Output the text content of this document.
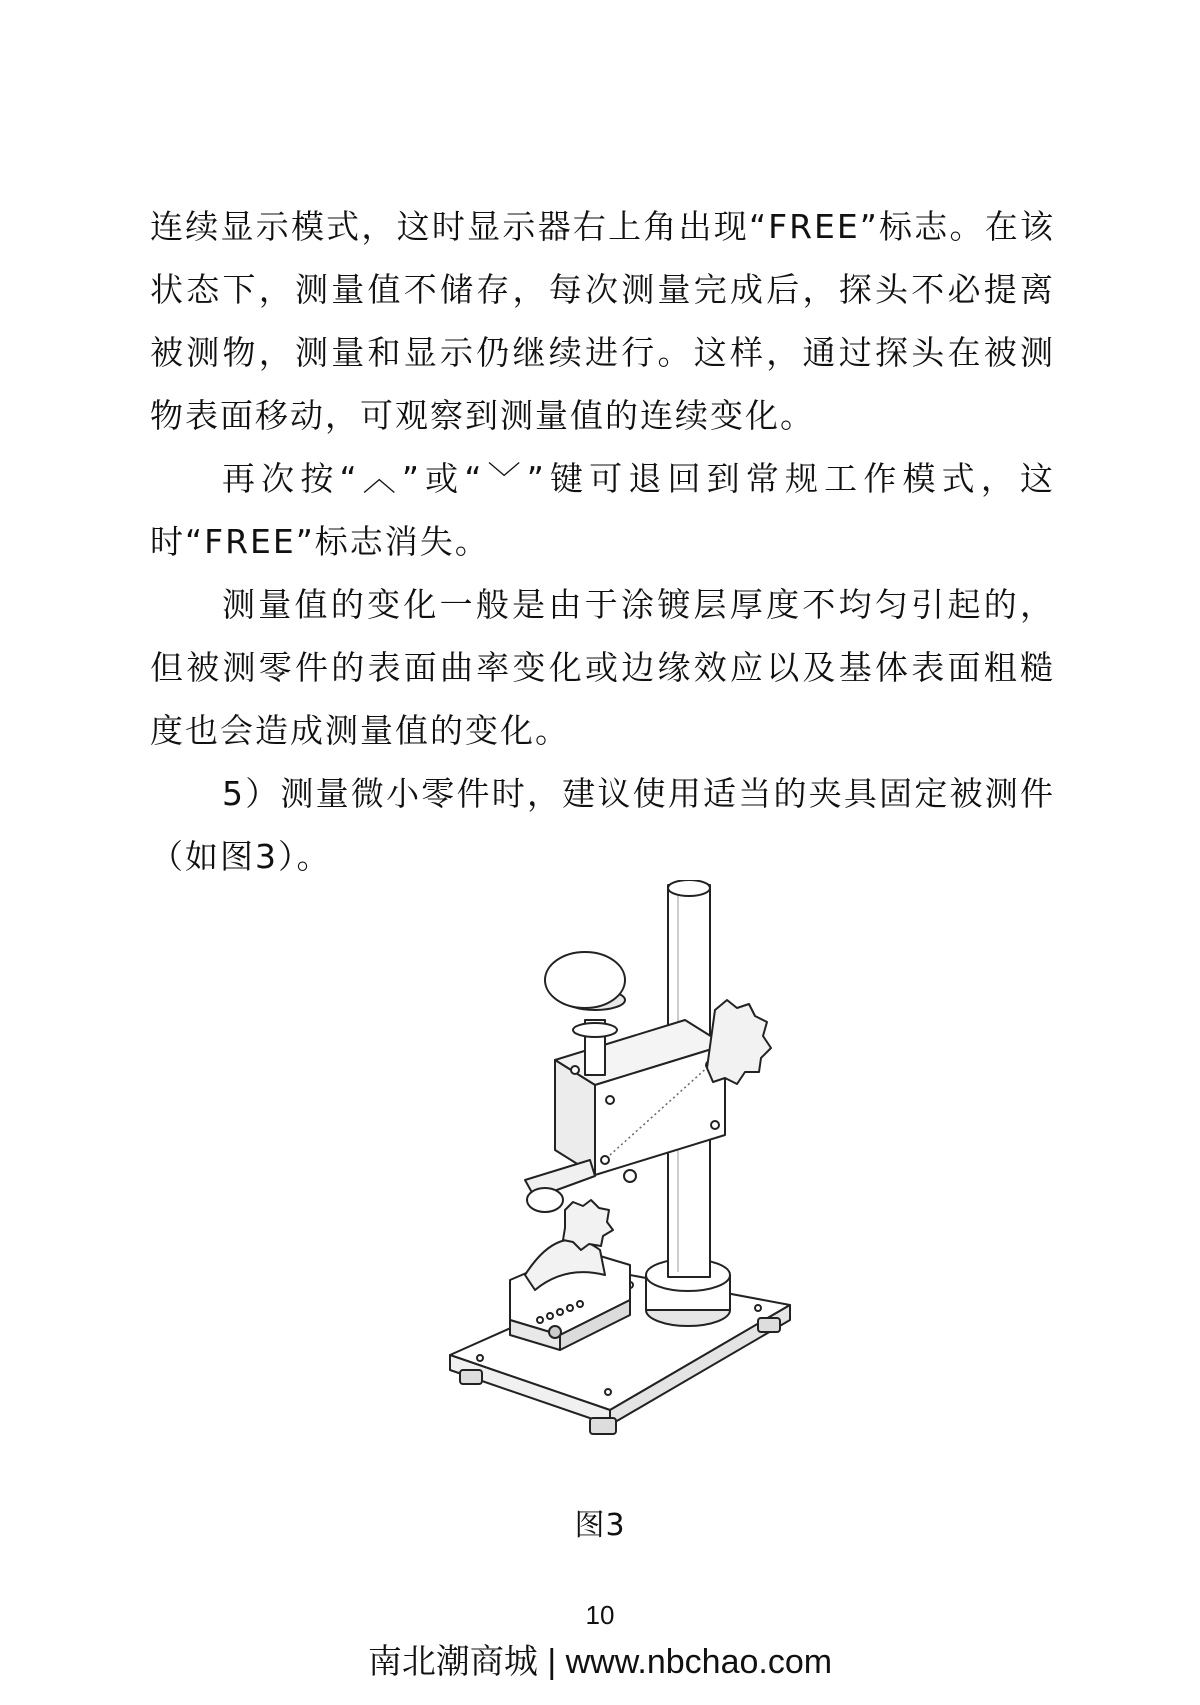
连续显示模式，这时显示器右上角出现“FREE”标志。在该状态下，测量值不储存，每次测量完成后，探头不必提离被测物，测量和显示仍继续进行。这样，通过探头在被测物表面移动，可观察到测量值的连续变化。

再次按“︿”或“﹀”键可退回到常规工作模式，这时“FREE”标志消失。

测量值的变化一般是由于涂镀层厚度不均匀引起的，但被测零件的表面曲率变化或边缘效应以及基体表面粗糙度也会造成测量值的变化。

5）测量微小零件时，建议使用适当的夹具固定被测件（如图3）。

图3
10
南北潮商城 | www.nbchao.com
